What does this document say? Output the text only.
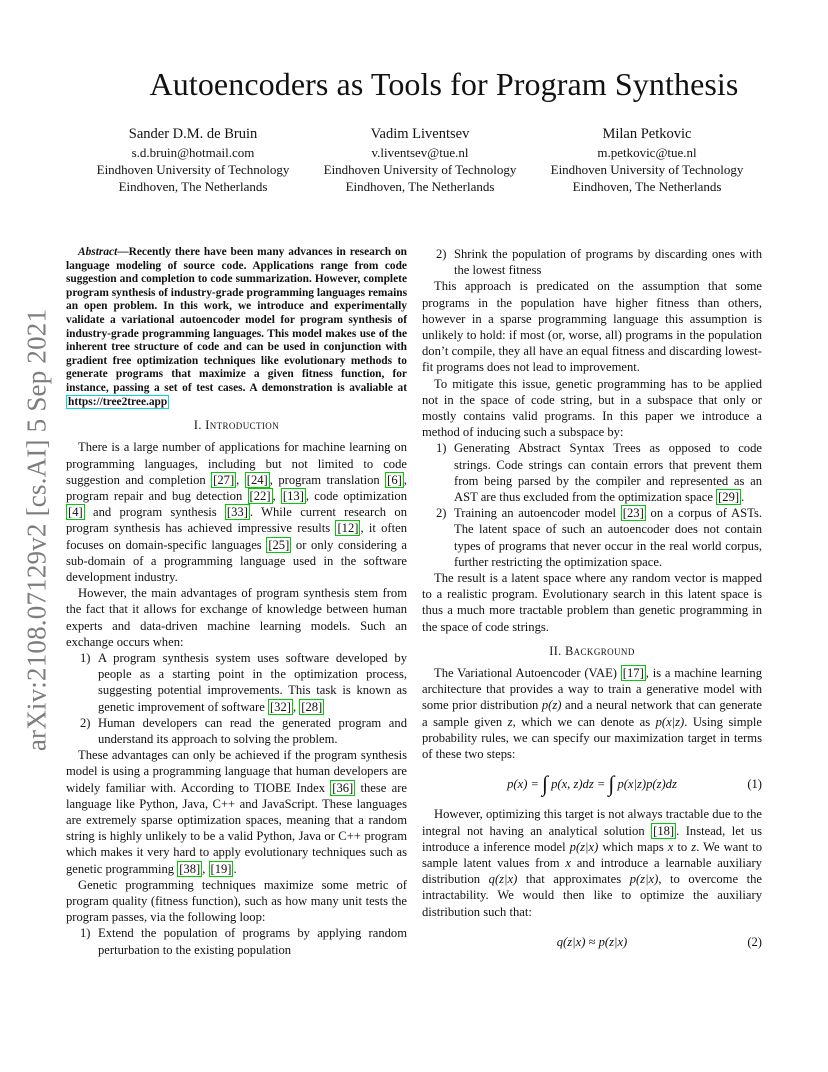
arXiv:2108.07129v2 [cs.AI] 5 Sep 2021
Autoencoders as Tools for Program Synthesis
Sander D.M. de Bruin
s.d.bruin@hotmail.com
Eindhoven University of Technology
Eindhoven, The Netherlands
Vadim Liventsev
v.liventsev@tue.nl
Eindhoven University of Technology
Eindhoven, The Netherlands
Milan Petkovic
m.petkovic@tue.nl
Eindhoven University of Technology
Eindhoven, The Netherlands

Abstract—Recently there have been many advances in research on language modeling of source code. Applications range from code suggestion and completion to code summarization. However, complete program synthesis of industry-grade programming languages remains an open problem. In this work, we introduce and experimentally validate a variational autoencoder model for program synthesis of industry-grade programming languages. This model makes use of the inherent tree structure of code and can be used in conjunction with gradient free optimization techniques like evolutionary methods to generate programs that maximize a given fitness function, for instance, passing a set of test cases. A demonstration is avaliable at https://tree2tree.app

I. Introduction

There is a large number of applications for machine learning on programming languages, including but not limited to code suggestion and completion [27] , [24] , program translation [6] , program repair and bug detection [22] , [13] , code optimization [4] and program synthesis [33] . While current research on program synthesis has achieved impressive results [12] , it often focuses on domain-specific languages [25] or only considering a sub-domain of a programming language used in the software development industry.

However, the main advantages of program synthesis stem from the fact that it allows for exchange of knowledge between human experts and data-driven machine learning models. Such an exchange occurs when:

1) A program synthesis system uses software developed by people as a starting point in the optimization process, suggesting potential improvements. This task is known as genetic improvement of software [32] , [28]
2) Human developers can read the generated program and understand its approach to solving the problem.

These advantages can only be achieved if the program synthesis model is using a programming language that human developers are widely familiar with. According to TIOBE Index [36] these are language like Python, Java, C++ and JavaScript. These languages are extremely sparse optimization spaces, meaning that a random string is highly unlikely to be a valid Python, Java or C++ program which makes it very hard to apply evolutionary techniques such as genetic programming [38] , [19] .

Genetic programming techniques maximize some metric of program quality (fitness function), such as how many unit tests the program passes, via the following loop:

1) Extend the population of programs by applying random perturbation to the existing population
2) Shrink the population of programs by discarding ones with the lowest fitness

This approach is predicated on the assumption that some programs in the population have higher fitness than others, however in a sparse programming language this assumption is unlikely to hold: if most (or, worse, all) programs in the population don’t compile, they all have an equal fitness and discarding lowest-fit programs does not lead to improvement.

To mitigate this issue, genetic programming has to be applied not in the space of code string, but in a subspace that only or mostly contains valid programs. In this paper we introduce a method of inducing such a subspace by:

1) Generating Abstract Syntax Trees as opposed to code strings. Code strings can contain errors that prevent them from being parsed by the compiler and represented as an AST are thus excluded from the optimization space [29] .
2) Training an autoencoder model [23] on a corpus of ASTs. The latent space of such an autoencoder does not contain types of programs that never occur in the real world corpus, further restricting the optimization space.

The result is a latent space where any random vector is mapped to a realistic program. Evolutionary search in this latent space is thus a much more tractable problem than genetic programming in the space of code strings.

II. Background

The Variational Autoencoder (VAE) [17] , is a machine learning architecture that provides a way to train a generative model with some prior distribution p(z) and a neural network that can generate a sample given z, which we can denote as p(x|z). Using simple probability rules, we can specify our maximization target in terms of these two steps:

p(x) = ∫ p(x, z)dz = ∫ p(x|z)p(z)dz	(1)

However, optimizing this target is not always tractable due to the integral not having an analytical solution [18] . Instead, let us introduce a inference model p(z|x) which maps x to z. We want to sample latent values from x and introduce a learnable auxiliary distribution q(z|x) that approximates p(z|x), to overcome the intractability. We would then like to optimize the auxiliary distribution such that:

q(z|x) ≈ p(z|x)	(2)
